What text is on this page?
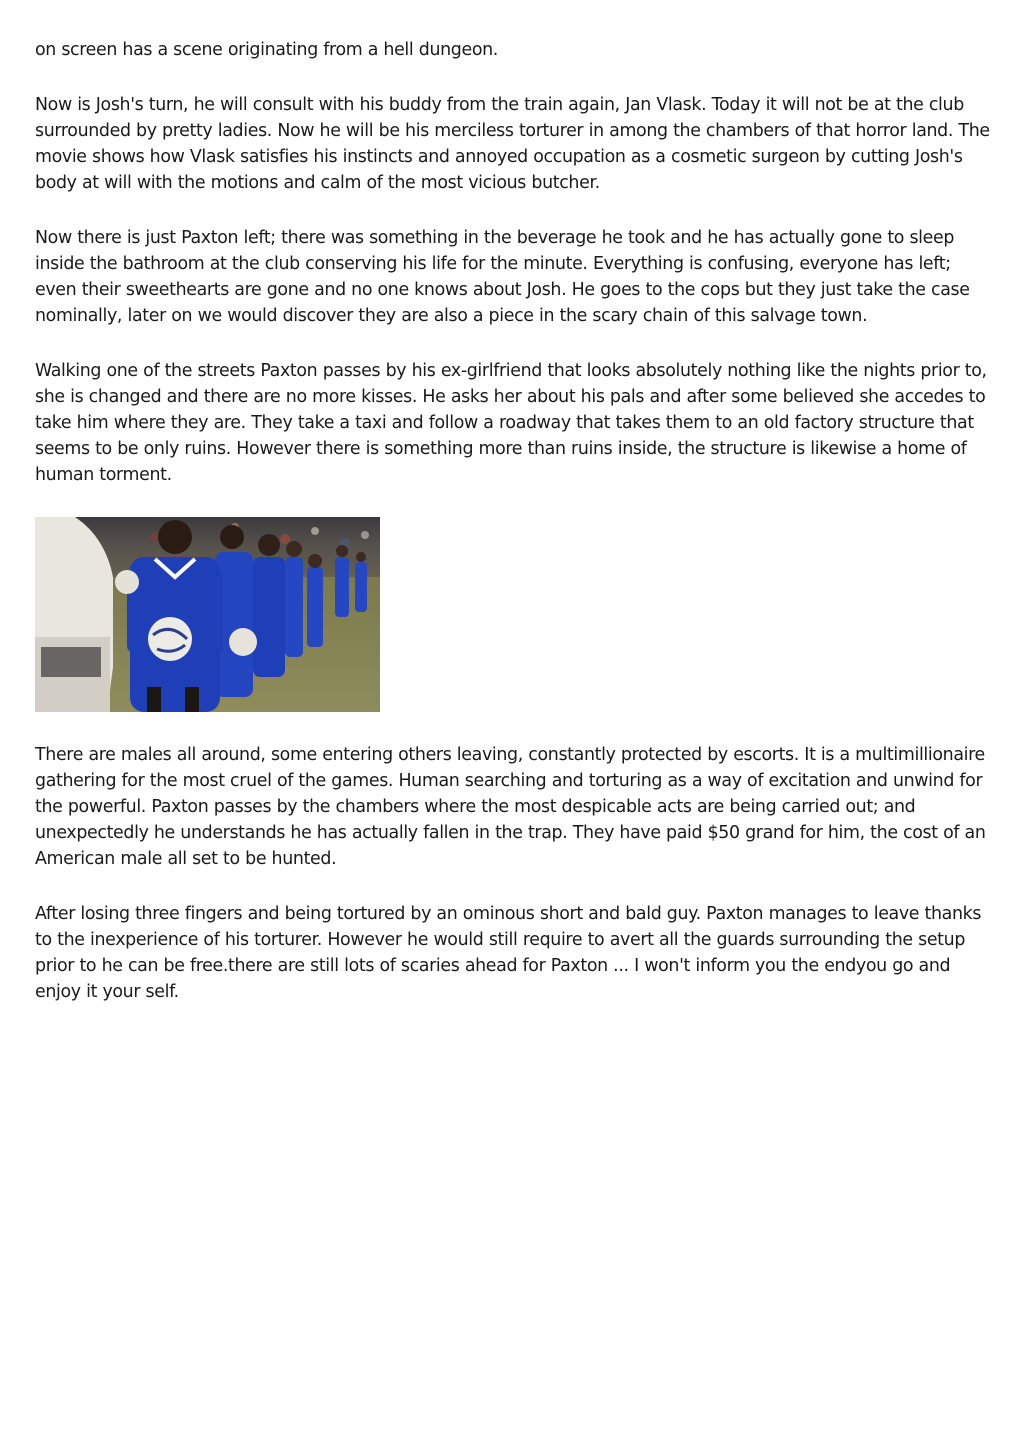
on screen has a scene originating from a hell dungeon.

Now is Josh's turn, he will consult with his buddy from the train again, Jan Vlask. Today it will not be at the club surrounded by pretty ladies. Now he will be his merciless torturer in among the chambers of that horror land. The movie shows how Vlask satisfies his instincts and annoyed occupation as a cosmetic surgeon by cutting Josh's body at will with the motions and calm of the most vicious butcher.

Now there is just Paxton left; there was something in the beverage he took and he has actually gone to sleep inside the bathroom at the club conserving his life for the minute. Everything is confusing, everyone has left; even their sweethearts are gone and no one knows about Josh. He goes to the cops but they just take the case nominally, later on we would discover they are also a piece in the scary chain of this salvage town.

Walking one of the streets Paxton passes by his ex-girlfriend that looks absolutely nothing like the nights prior to, she is changed and there are no more kisses. He asks her about his pals and after some believed she accedes to take him where they are. They take a taxi and follow a roadway that takes them to an old factory structure that seems to be only ruins. However there is something more than ruins inside, the structure is likewise a home of human torment.

There are males all around, some entering others leaving, constantly protected by escorts. It is a multimillionaire gathering for the most cruel of the games. Human searching and torturing as a way of excitation and unwind for the powerful. Paxton passes by the chambers where the most despicable acts are being carried out; and unexpectedly he understands he has actually fallen in the trap. They have paid $50 grand for him, the cost of an American male all set to be hunted.

After losing three fingers and being tortured by an ominous short and bald guy. Paxton manages to leave thanks to the inexperience of his torturer. However he would still require to avert all the guards surrounding the setup prior to he can be free.there are still lots of scaries ahead for Paxton ... I won't inform you the endyou go and enjoy it your self.
